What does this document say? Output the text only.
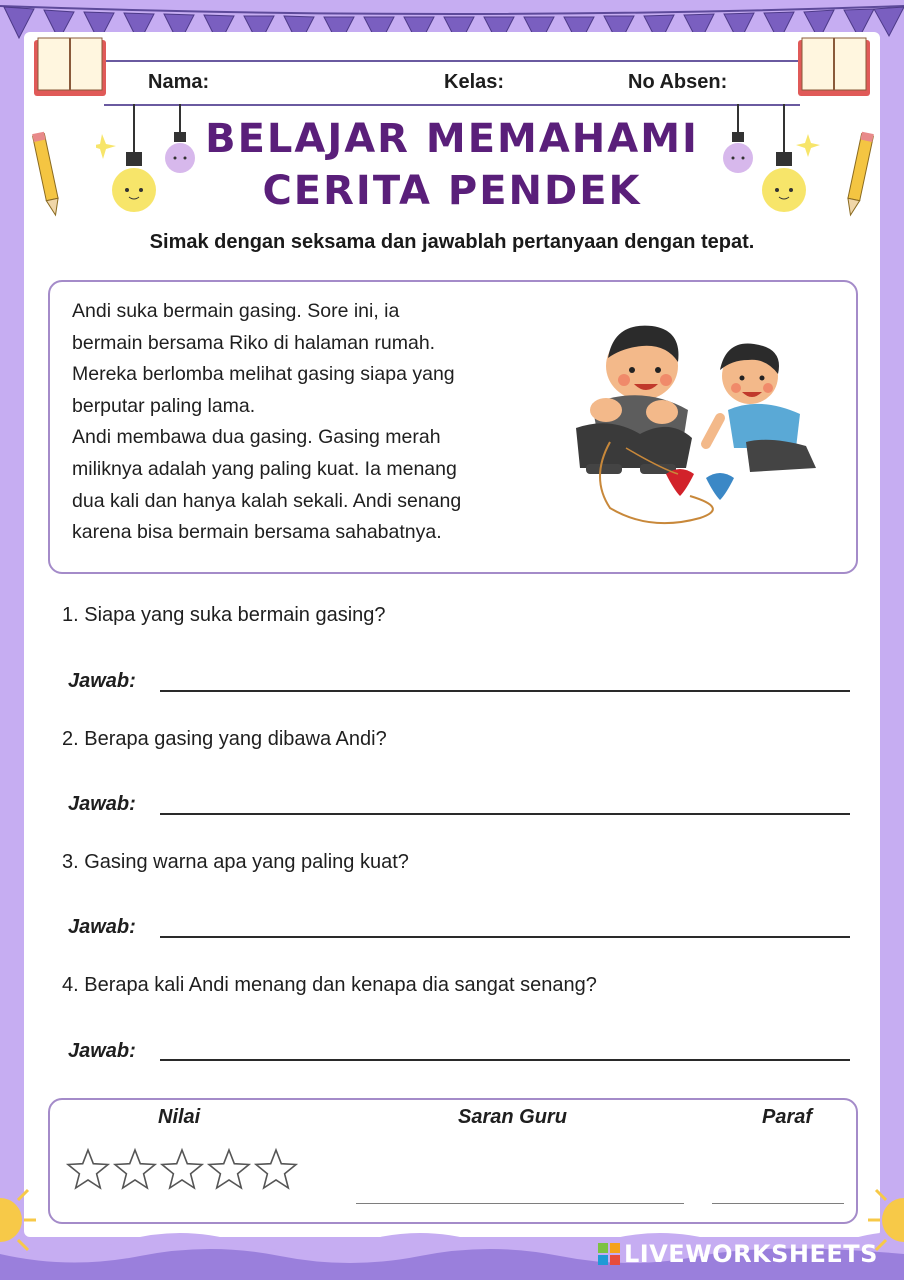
Nama:	Kelas:	No Absen:
BELAJAR MEMAHAMI
CERITA PENDEK
Simak dengan seksama dan jawablah pertanyaan dengan tepat.
Andi suka bermain gasing. Sore ini, ia
bermain bersama Riko di halaman rumah.
Mereka berlomba melihat gasing siapa yang
berputar paling lama.
Andi membawa dua gasing. Gasing merah
miliknya adalah yang paling kuat. Ia menang
dua kali dan hanya kalah sekali. Andi senang
karena bisa bermain bersama sahabatnya.
1. Siapa yang suka bermain gasing?
Jawab:
2. Berapa gasing yang dibawa Andi?
Jawab:
3. Gasing warna apa yang paling kuat?
Jawab:
4. Berapa kali Andi menang dan kenapa dia sangat senang?
Jawab:
Nilai	Saran Guru	Paraf
LIVEWORKSHEETS
